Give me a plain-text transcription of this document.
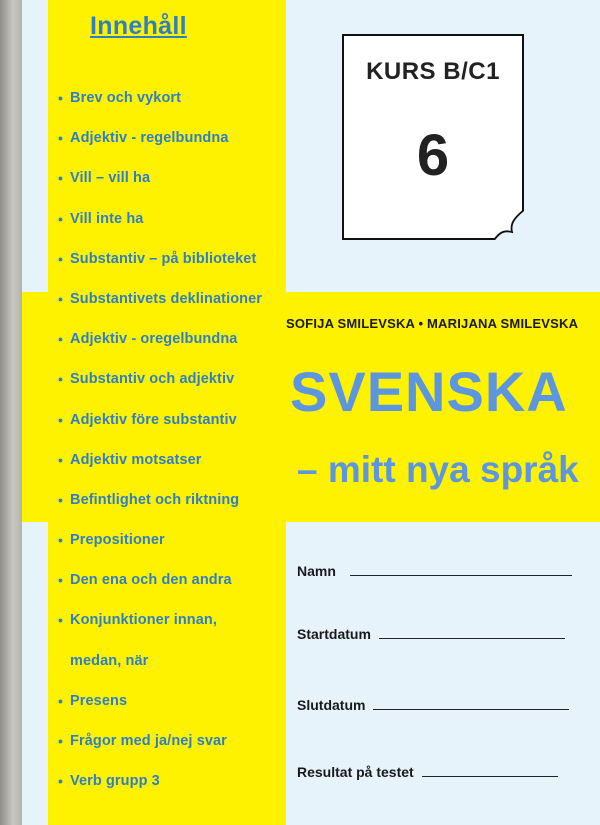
Innehåll
• Brev och vykort
• Adjektiv - regelbundna
• Vill – vill ha
• Vill inte ha
• Substantiv – på biblioteket
• Substantivets deklinationer
• Adjektiv - oregelbundna
• Substantiv och adjektiv
• Adjektiv före substantiv
• Adjektiv motsatser
• Befintlighet och riktning
• Prepositioner
• Den ena och den andra
• Konjunktioner innan,
medan, när
• Presens
• Frågor med ja/nej svar
• Verb grupp 3
KURS B/C1
6
SOFIJA SMILEVSKA • MARIJANA SMILEVSKA
SVENSKA
– mitt nya språk
Namn
Startdatum
Slutdatum
Resultat på testet
